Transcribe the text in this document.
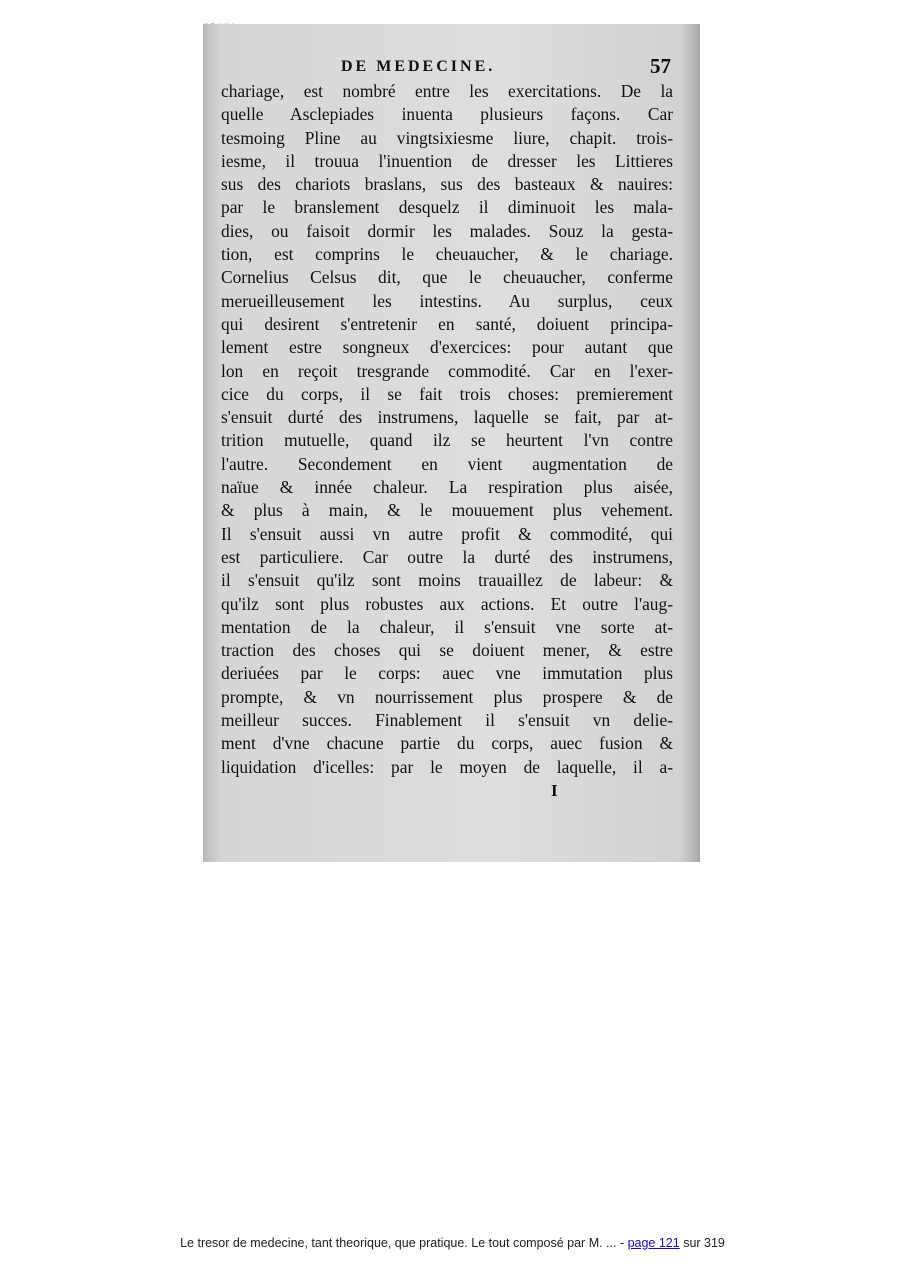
DE MEDECINE.	57
chariage, est nombré entre les exercitations. De la
quelle Asclepiades inuenta plusieurs façons. Car
tesmoing Pline au vingtsixiesme liure, chapit. trois-
iesme, il trouua l'inuention de dresser les Littieres
sus des chariots braslans, sus des basteaux & nauires:
par le branslement desquelz il diminuoit les mala-
dies, ou faisoit dormir les malades. Souz la gesta-
tion, est comprins le cheuaucher, & le chariage.
Cornelius Celsus dit, que le cheuaucher, conferme
merueilleusement les intestins. Au surplus, ceux
qui desirent s'entretenir en santé, doiuent principa-
lement estre songneux d'exercices: pour autant que
lon en reçoit tresgrande commodité. Car en l'exer-
cice du corps, il se fait trois choses: premierement
s'ensuit durté des instrumens, laquelle se fait, par at-
trition mutuelle, quand ilz se heurtent l'vn contre
l'autre. Secondement en vient augmentation de
naïue & innée chaleur. La respiration plus aisée,
& plus à main, & le mouuement plus vehement.
Il s'ensuit aussi vn autre profit & commodité, qui
est particuliere. Car outre la durté des instrumens,
il s'ensuit qu'ilz sont moins trauaillez de labeur: &
qu'ilz sont plus robustes aux actions. Et outre l'aug-
mentation de la chaleur, il s'ensuit vne sorte at-
traction des choses qui se doiuent mener, & estre
deriuées par le corps: auec vne immutation plus
prompte, & vn nourrissement plus prospere & de
meilleur succes. Finablement il s'ensuit vn delie-
ment d'vne chacune partie du corps, auec fusion &
liquidation d'icelles: par le moyen de laquelle, il a-
I
Le tresor de medecine, tant theorique, que pratique. Le tout composé par M. ... - page 121 sur 319
